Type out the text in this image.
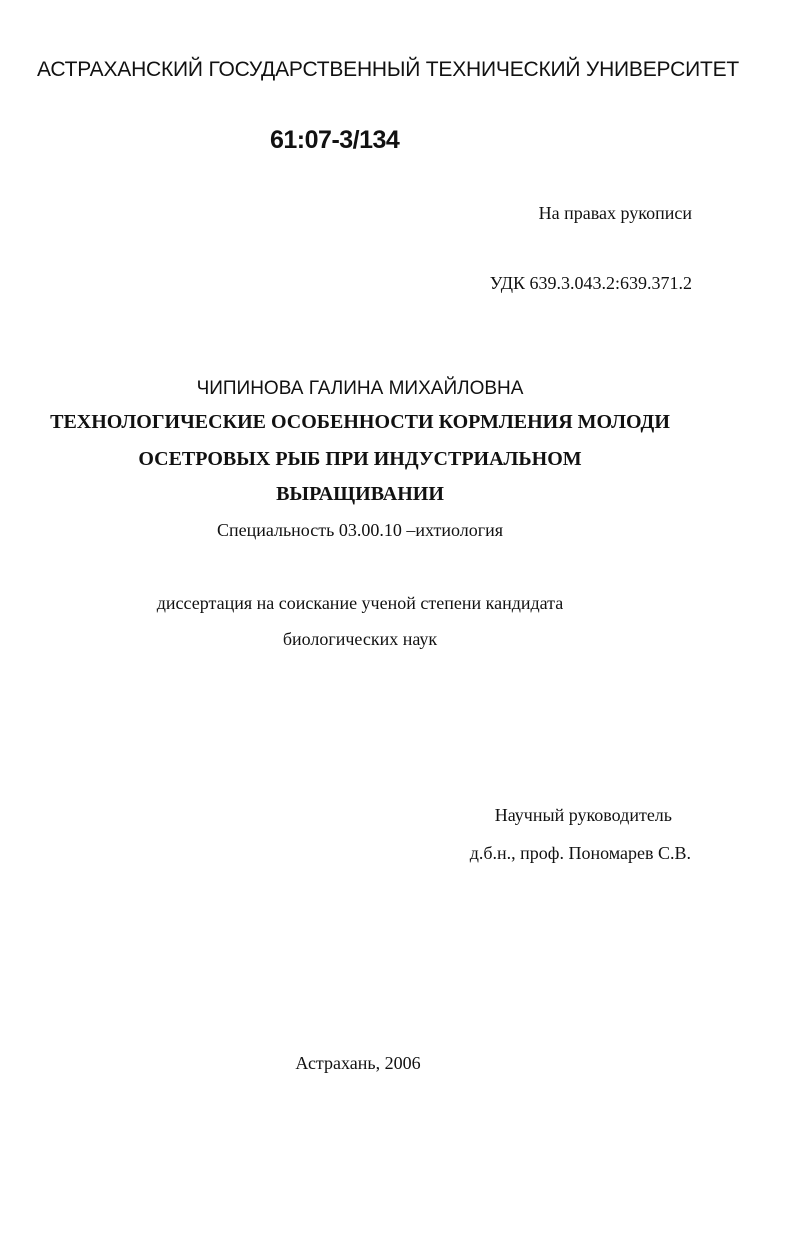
АСТРАХАНСКИЙ ГОСУДАРСТВЕННЫЙ ТЕХНИЧЕСКИЙ УНИВЕРСИТЕТ
61:07-3/134
На правах рукописи
УДК 639.3.043.2:639.371.2
ЧИПИНОВА ГАЛИНА МИХАЙЛОВНА
ТЕХНОЛОГИЧЕСКИЕ ОСОБЕННОСТИ КОРМЛЕНИЯ МОЛОДИ
ОСЕТРОВЫХ РЫБ ПРИ ИНДУСТРИАЛЬНОМ
ВЫРАЩИВАНИИ
Специальность 03.00.10 –ихтиология
диссертация на соискание ученой степени кандидата
биологических наук
Научный руководитель
д.б.н., проф. Пономарев С.В.
Астрахань, 2006
